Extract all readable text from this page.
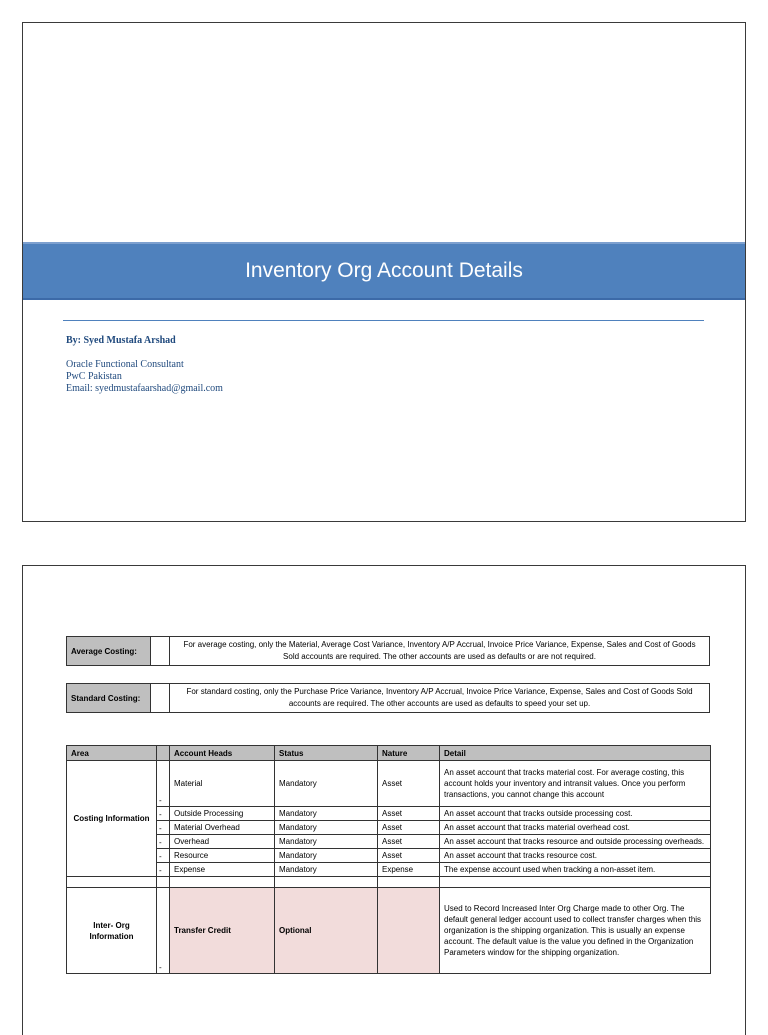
Inventory Org Account Details
By: Syed Mustafa Arshad
Oracle Functional Consultant
PwC Pakistan
Email: syedmustafaarshad@gmail.com
Average Costing:
For average costing, only the Material, Average Cost Variance, Inventory A/P Accrual, Invoice Price Variance, Expense, Sales and Cost of Goods Sold accounts are required. The other accounts are used as defaults or are not required.
Standard Costing:
For standard costing, only the Purchase Price Variance, Inventory A/P Accrual, Invoice Price Variance, Expense, Sales and Cost of Goods Sold accounts are required. The other accounts are used as defaults to speed your set up.
Area		Account Heads	Status	Nature	Detail
Costing Information	-	Material	Mandatory	Asset	An asset account that tracks material cost. For average costing, this account holds your inventory and intransit values. Once you perform transactions, you cannot change this account
	-	Outside Processing	Mandatory	Asset	An asset account that tracks outside processing cost.
	-	Material Overhead	Mandatory	Asset	An asset account that tracks material overhead cost.
	-	Overhead	Mandatory	Asset	An asset account that tracks resource and outside processing overheads.
	-	Resource	Mandatory	Asset	An asset account that tracks resource cost.
	-	Expense	Mandatory	Expense	The expense account used when tracking a non-asset item.

Inter- Org Information	-	Transfer Credit	Optional		Used to Record Increased Inter Org Charge made to other Org. The default general ledger account used to collect transfer charges when this organization is the shipping organization. This is usually an expense account. The default value is the value you defined in the Organization Parameters window for the shipping organization.
